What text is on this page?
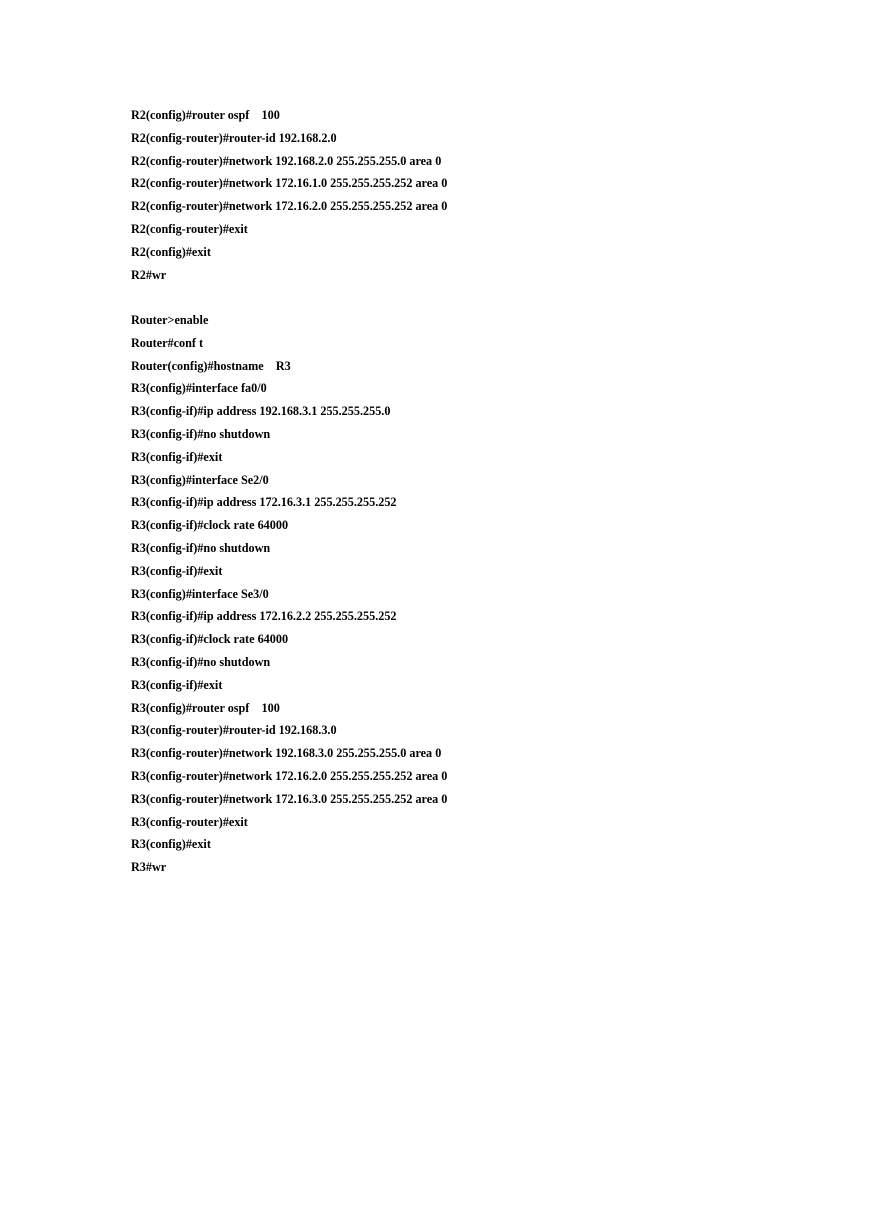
R2(config)#router ospf    100
R2(config-router)#router-id 192.168.2.0
R2(config-router)#network 192.168.2.0 255.255.255.0 area 0
R2(config-router)#network 172.16.1.0 255.255.255.252 area 0
R2(config-router)#network 172.16.2.0 255.255.255.252 area 0
R2(config-router)#exit
R2(config)#exit
R2#wr
Router>enable
Router#conf t
Router(config)#hostname    R3
R3(config)#interface fa0/0
R3(config-if)#ip address 192.168.3.1 255.255.255.0
R3(config-if)#no shutdown
R3(config-if)#exit
R3(config)#interface Se2/0
R3(config-if)#ip address 172.16.3.1 255.255.255.252
R3(config-if)#clock rate 64000
R3(config-if)#no shutdown
R3(config-if)#exit
R3(config)#interface Se3/0
R3(config-if)#ip address 172.16.2.2 255.255.255.252
R3(config-if)#clock rate 64000
R3(config-if)#no shutdown
R3(config-if)#exit
R3(config)#router ospf    100
R3(config-router)#router-id 192.168.3.0
R3(config-router)#network 192.168.3.0 255.255.255.0 area 0
R3(config-router)#network 172.16.2.0 255.255.255.252 area 0
R3(config-router)#network 172.16.3.0 255.255.255.252 area 0
R3(config-router)#exit
R3(config)#exit
R3#wr
